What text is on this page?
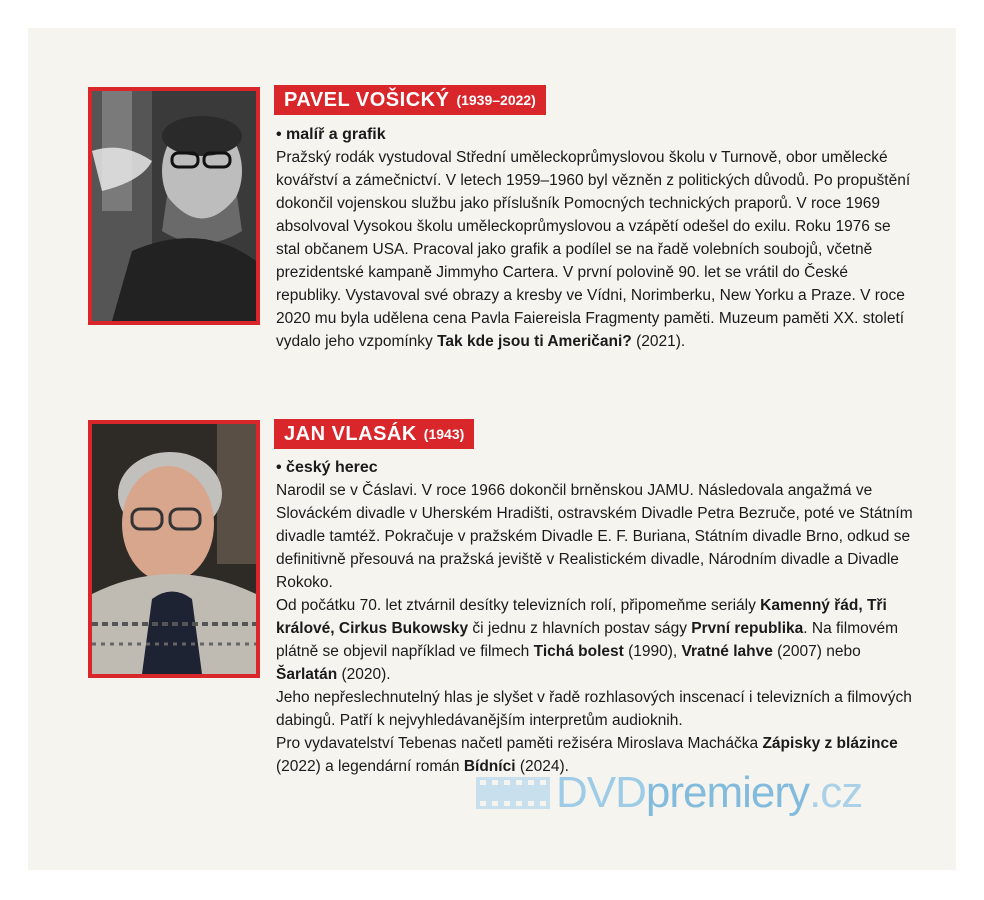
PAVEL VOŠICKÝ (1939–2022)
• malíř a grafik

Pražský rodák vystudoval Střední uměleckoprůmyslovou školu v Turnově, obor umělecké kovářství a zámečnictví. V letech 1959–1960 byl vězněn z politických důvodů. Po propuštění dokončil vojenskou službu jako příslušník Pomocných technických praporů. V roce 1969 absolvoval Vysokou školu uměleckoprůmyslovou a vzápětí odešel do exilu. Roku 1976 se stal občanem USA. Pracoval jako grafik a podílel se na řadě volebních soubojů, včetně prezidentské kampaně Jimmyho Cartera. V první polovině 90. let se vrátil do České republiky. Vystavoval své obrazy a kresby ve Vídni, Norimberku, New Yorku a Praze. V roce 2020 mu byla udělena cena Pavla Faiereisla Fragmenty paměti. Muzeum paměti XX. století vydalo jeho vzpomínky Tak kde jsou ti Američani? (2021).

JAN VLASÁK (1943)
• český herec

Narodil se v Čáslavi. V roce 1966 dokončil brněnskou JAMU. Následovala angažmá ve Slováckém divadle v Uherském Hradišti, ostravském Divadle Petra Bezruče, poté ve Státním divadle tamtéž. Pokračuje v pražském Divadle E. F. Buriana, Státním divadle Brno, odkud se definitivně přesouvá na pražská jeviště v Realistickém divadle, Národním divadle a Divadle Rokoko.

Od počátku 70. let ztvárnil desítky televizních rolí, připomeňme seriály Kamenný řád, Tři králové, Cirkus Bukowsky či jednu z hlavních postav ságy První republika. Na filmovém plátně se objevil například ve filmech Tichá bolest (1990), Vratné lahve (2007) nebo Šarlatán (2020).

Jeho nepřeslechnutelný hlas je slyšet v řadě rozhlasových inscenací i televizních a filmových dabingů. Patří k nejvyhledávanějším interpretům audioknih.

Pro vydavatelství Tebenas načetl paměti režiséra Miroslava Macháčka Zápisky z blázince (2022) a legendární román Bídníci (2024).

DVD premiery .cz
